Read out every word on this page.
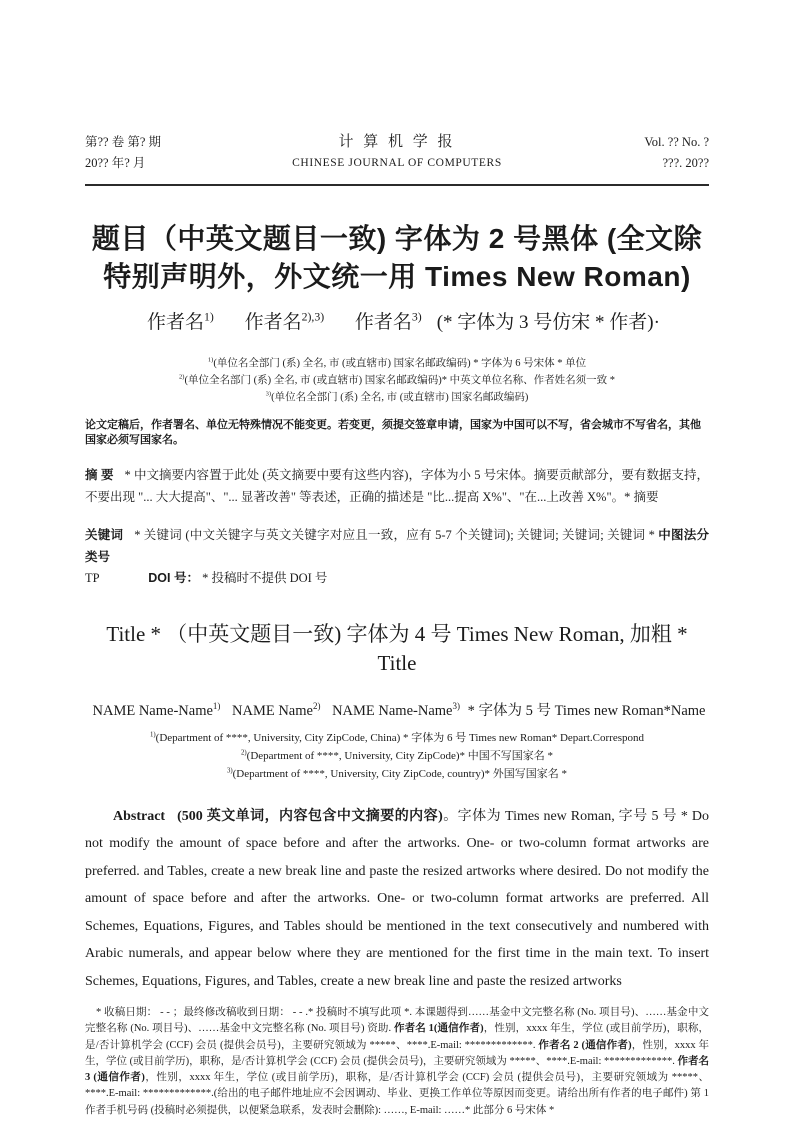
第?? 卷 第? 期
20?? 年? 月
计 算 机 学 报
CHINESE JOURNAL OF COMPUTERS
Vol. ?? No. ?
???. 20??
题目（中英文题目一致) 字体为 2 号黑体 (全文除
特别声明外，外文统一用 Times New Roman)
作者名$^{1)}$ 作者名$^{2),3)}$ 作者名$^{3)}$ (* 字体为 3 号仿宋 * 作者)·
$^{1)}$(单位名全部门 (系) 全名, 市 (或直辖市) 国家名邮政编码) * 字体为 6 号宋体 * 单位
$^{2)}$(单位全名部门 (系) 全名, 市 (或直辖市) 国家名邮政编码)* 中英文单位名称、作者姓名须一致 *
$^{3)}$(单位名全部门 (系) 全名, 市 (或直辖市) 国家名邮政编码)
论文定稿后，作者署名、单位无特殊情况不能变更。若变更，须提交签章申请，国家为中国可以不写，省会城市不写省名，其他国家必须写国家名。
摘 要 * 中文摘要内容置于此处 (英文摘要中要有这些内容)，字体为小 5 号宋体。摘要贡献部分，要有数据支持，不要出现 "... 大大提高"、"... 显著改善" 等表述，正确的描述是 "比...提高 X%"、"在...上改善 X%"。* 摘要
关键词 * 关键词 (中文关键字与英文关键字对应且一致，应有 5-7 个关键词); 关键词; 关键词; 关键词 * 中图法分类号
TP	DOI 号： * 投稿时不提供 DOI 号
Title * （中英文题目一致) 字体为 4 号 Times New Roman, 加粗 * Title
NAME Name-Name$^{1)}$ NAME Name$^{2)}$ NAME Name-Name$^{3)}$ * 字体为 5 号 Times new Roman*Name
$^{1)}$(Department of ****, University, City ZipCode, China) * 字体为 6 号 Times new Roman* Depart.Correspond
$^{2)}$(Department of ****, University, City ZipCode)* 中国不写国家名 *
$^{3)}$(Department of ****, University, City ZipCode, country)* 外国写国家名 *
Abstract (500 英文单词，内容包含中文摘要的内容)。字体为 Times new Roman, 字号 5 号 * Do not modify the amount of space before and after the artworks. One- or two-column format artworks are preferred. and Tables, create a new break line and paste the resized artworks where desired. Do not modify the amount of space before and after the artworks. One- or two-column format artworks are preferred. All Schemes, Equations, Figures, and Tables should be mentioned in the text consecutively and numbered with Arabic numerals, and appear below where they are mentioned for the first time in the main text. To insert Schemes, Equations, Figures, and Tables, create a new break line and paste the resized artworks
* 收稿日期： - - ；最终修改稿收到日期： - - .* 投稿时不填写此项 *. 本课题得到……基金中文完整名称 (No. 项目号)、……基金中文完整名称 (No. 项目号)、……基金中文完整名称 (No. 项目号) 资助. 作者名 1(通信作者)，性别，xxxx 年生，学位 (或目前学历)，职称，是/否计算机学会 (CCF) 会员 (提供会员号)，主要研究领域为 *****、****.E-mail: *************. 作者名 2 (通信作者)，性别，xxxx 年生，学位 (或目前学历)，职称，是/否计算机学会 (CCF) 会员 (提供会员号)，主要研究领域为 *****、****.E-mail: *************. 作者名 3 (通信作者)，性别，xxxx 年生，学位 (或目前学历)，职称，是/否计算机学会 (CCF) 会员 (提供会员号)，主要研究领域为 *****、****.E-mail: *************.(给出的电子邮件地址应不会因调动、毕业、更换工作单位等原因而变更。请给出所有作者的电子邮件) 第 1 作者手机号码 (投稿时必须提供，以便紧急联系，发表时会删除): ……, E-mail: ……* 此部分 6 号宋体 *
